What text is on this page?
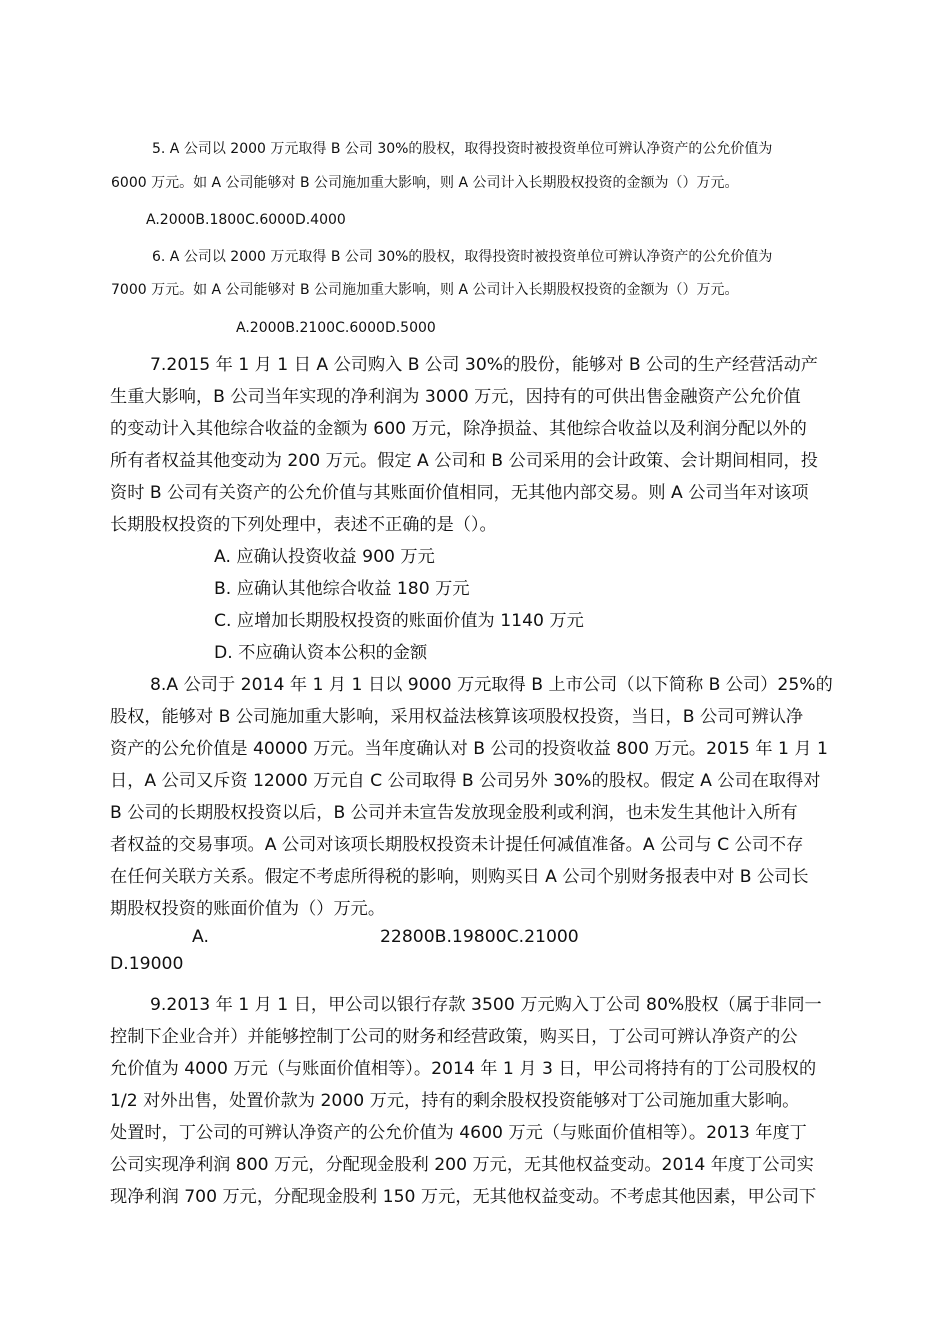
5. A 公司以 2000 万元取得 B 公司 30%的股权，取得投资时被投资单位可辨认净资产的公允价值为
6000 万元。如 A 公司能够对 B 公司施加重大影响，则 A 公司计入长期股权投资的金额为（）万元。
A.2000B.1800C.6000D.4000
6. A 公司以 2000 万元取得 B 公司 30%的股权，取得投资时被投资单位可辨认净资产的公允价值为
7000 万元。如 A 公司能够对 B 公司施加重大影响，则 A 公司计入长期股权投资的金额为（）万元。
A.2000B.2100C.6000D.5000
7.2015 年 1 月 1 日 A 公司购入 B 公司 30%的股份，能够对 B 公司的生产经营活动产
生重大影响，B 公司当年实现的净利润为 3000 万元，因持有的可供出售金融资产公允价值
的变动计入其他综合收益的金额为 600 万元，除净损益、其他综合收益以及利润分配以外的
所有者权益其他变动为 200 万元。假定 A 公司和 B 公司采用的会计政策、会计期间相同，投
资时 B 公司有关资产的公允价值与其账面价值相同，无其他内部交易。则 A 公司当年对该项
长期股权投资的下列处理中，表述不正确的是（）。
A. 应确认投资收益 900 万元
B. 应确认其他综合收益 180 万元
C. 应增加长期股权投资的账面价值为 1140 万元
D. 不应确认资本公积的金额
8.A 公司于 2014 年 1 月 1 日以 9000 万元取得 B 上市公司（以下简称 B 公司）25%的
股权，能够对 B 公司施加重大影响，采用权益法核算该项股权投资，当日，B 公司可辨认净
资产的公允价值是 40000 万元。当年度确认对 B 公司的投资收益 800 万元。2015 年 1 月 1
日，A 公司又斥资 12000 万元自 C 公司取得 B 公司另外 30%的股权。假定 A 公司在取得对
B 公司的长期股权投资以后，B 公司并未宣告发放现金股利或利润，也未发生其他计入所有
者权益的交易事项。A 公司对该项长期股权投资未计提任何减值准备。A 公司与 C 公司不存
在任何关联方关系。假定不考虑所得税的影响，则购买日 A 公司个别财务报表中对 B 公司长
期股权投资的账面价值为（）万元。
A.	22800B.19800C.21000
D.19000
9.2013 年 1 月 1 日，甲公司以银行存款 3500 万元购入丁公司 80%股权（属于非同一
控制下企业合并）并能够控制丁公司的财务和经营政策，购买日，丁公司可辨认净资产的公
允价值为 4000 万元（与账面价值相等）。2014 年 1 月 3 日，甲公司将持有的丁公司股权的
1/2 对外出售，处置价款为 2000 万元，持有的剩余股权投资能够对丁公司施加重大影响。
处置时，丁公司的可辨认净资产的公允价值为 4600 万元（与账面价值相等）。2013 年度丁
公司实现净利润 800 万元，分配现金股利 200 万元，无其他权益变动。2014 年度丁公司实
现净利润 700 万元，分配现金股利 150 万元，无其他权益变动。不考虑其他因素，甲公司下
